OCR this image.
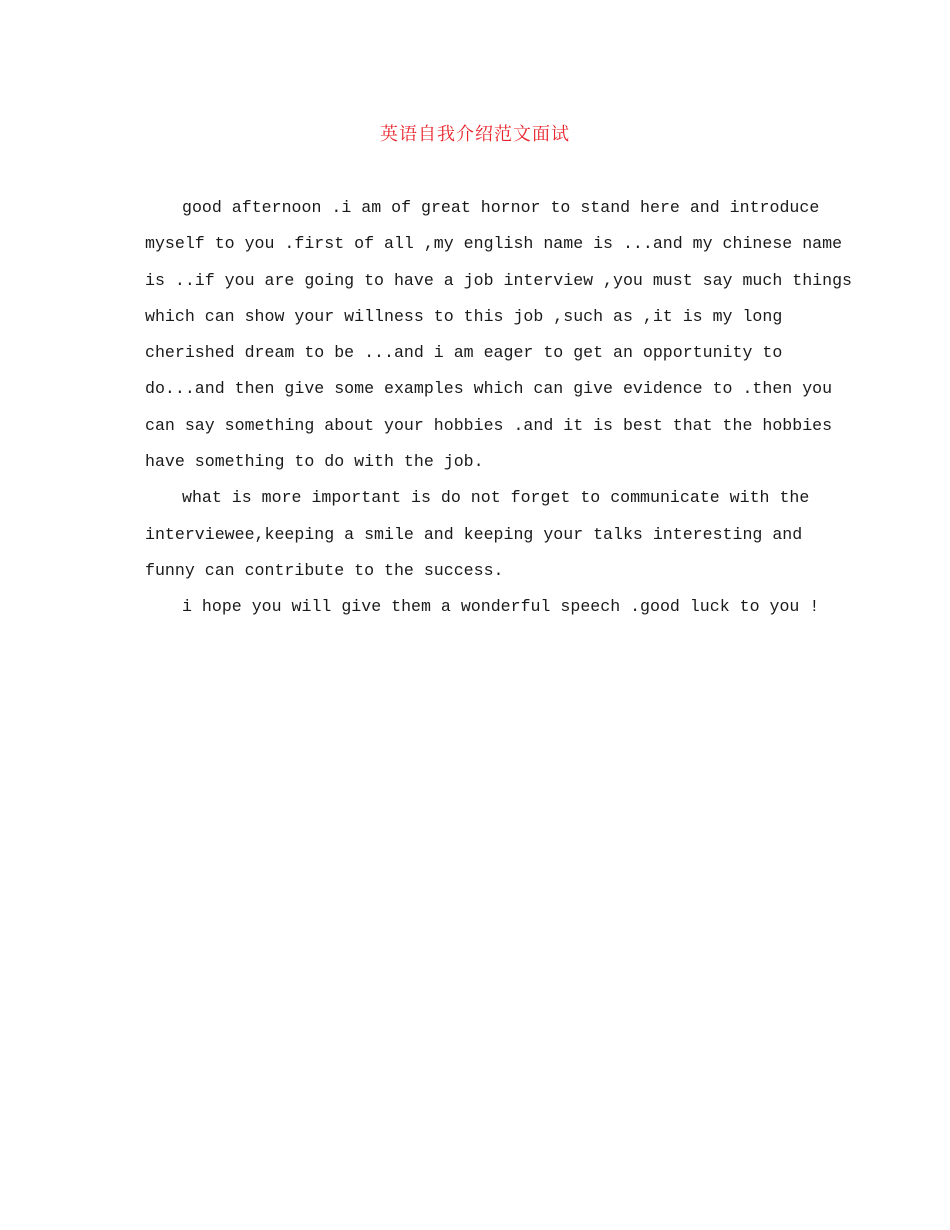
英语自我介绍范文面试
good afternoon .i am of great hornor to stand here and introduce
myself to you .first of all ,my english name is ...and my chinese name
is ..if you are going to have a job interview ,you must say much things
which can show your willness to this job ,such as ,it is my long
cherished dream to be ...and i am eager to get an opportunity to
do...and then give some examples which can give evidence to .then you
can say something about your hobbies .and it is best that the hobbies
have something to do with the job.
what is more important is do not forget to communicate with the
interviewee,keeping a smile and keeping your talks interesting and
funny can contribute to the success.
i hope you will give them a wonderful speech .good luck to you !
